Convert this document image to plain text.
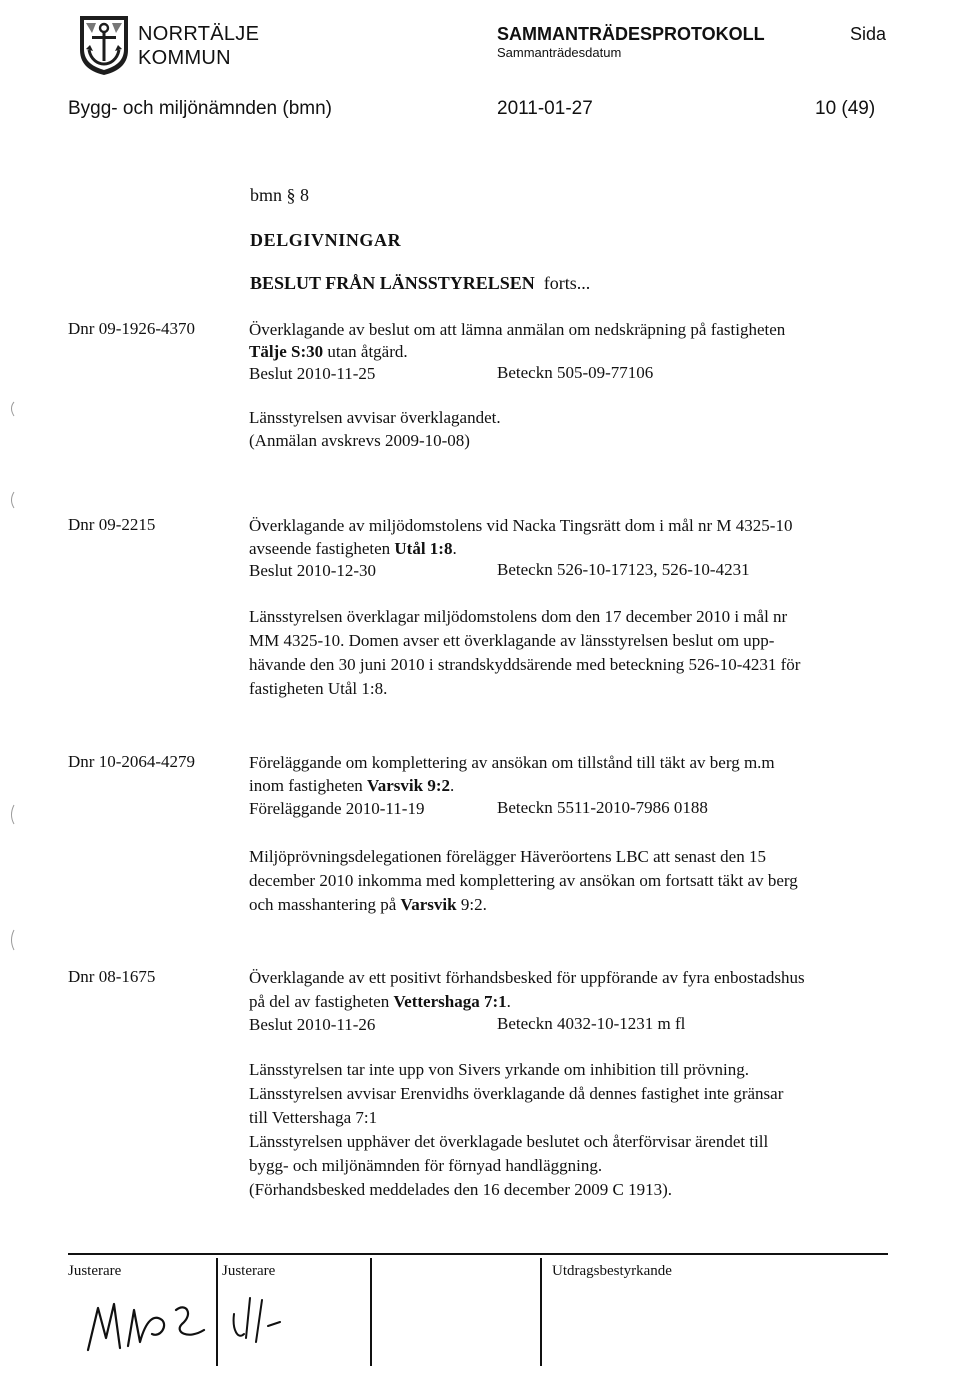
NORRTÄLJE
KOMMUN
SAMMANTRÄDESPROTOKOLL
Sammanträdesdatum
Sida
Bygg- och miljönämnden (bmn)	2011-01-27	10 (49)
bmn § 8
DELGIVNINGAR
BESLUT FRÅN LÄNSSTYRELSEN forts...
Dnr 09-1926-4370	Överklagande av beslut om att lämna anmälan om nedskräpning på fastigheten
Tälje S:30 utan åtgärd.
Beslut 2010-11-25	Beteckn 505-09-77106
Länsstyrelsen avvisar överklagandet.
(Anmälan avskrevs 2009-10-08)
Dnr 09-2215	Överklagande av miljödomstolens vid Nacka Tingsrätt dom i mål nr M 4325-10
avseende fastigheten Utål 1:8.
Beslut 2010-12-30	Beteckn 526-10-17123, 526-10-4231
Länsstyrelsen överklagar miljödomstolens dom den 17 december 2010 i mål nr
MM 4325-10. Domen avser ett överklagande av länsstyrelsen beslut om upp-
hävande den 30 juni 2010 i strandskyddsärende med beteckning 526-10-4231 för
fastigheten Utål 1:8.
Dnr 10-2064-4279	Föreläggande om komplettering av ansökan om tillstånd till täkt av berg m.m
inom fastigheten Varsvik 9:2.
Föreläggande 2010-11-19	Beteckn 5511-2010-7986 0188
Miljöprövningsdelegationen förelägger Häveröortens LBC att senast den 15
december 2010 inkomma med komplettering av ansökan om fortsatt täkt av berg
och masshantering på Varsvik 9:2.
Dnr 08-1675	Överklagande av ett positivt förhandsbesked för uppförande av fyra enbostadshus
på del av fastigheten Vettershaga 7:1.
Beslut 2010-11-26	Beteckn 4032-10-1231 m fl
Länsstyrelsen tar inte upp von Sivers yrkande om inhibition till prövning.
Länsstyrelsen avvisar Erenvidhs överklagande då dennes fastighet inte gränsar
till Vettershaga 7:1
Länsstyrelsen upphäver det överklagade beslutet och återförvisar ärendet till
bygg- och miljönämnden för förnyad handläggning.
(Förhandsbesked meddelades den 16 december 2009 C 1913).
Justerare	Justerare	Utdragsbestyrkande
